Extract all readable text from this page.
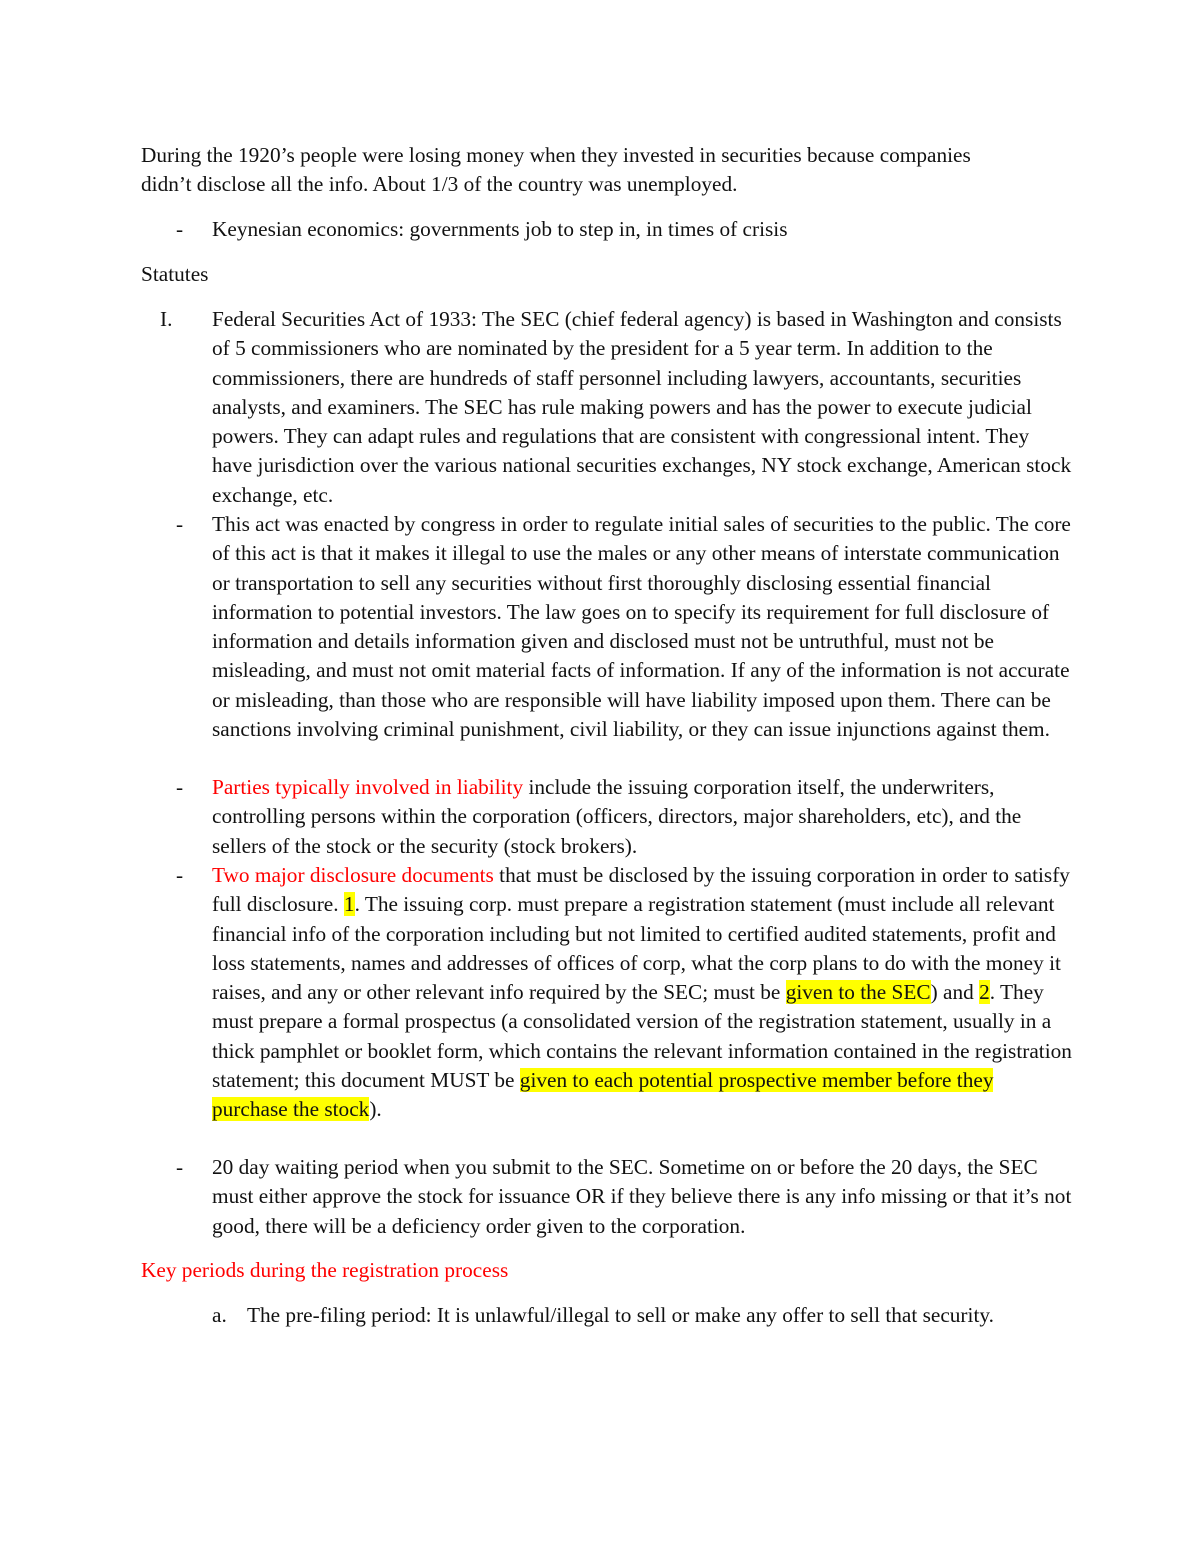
During the 1920’s people were losing money when they invested in securities because companies
didn’t disclose all the info. About 1/3 of the country was unemployed.

- Keynesian economics: governments job to step in, in times of crisis

Statutes

I. Federal Securities Act of 1933: The SEC (chief federal agency) is based in Washington and consists of 5 commissioners who are nominated by the president for a 5 year term. In addition to the commissioners, there are hundreds of staff personnel including lawyers, accountants, securities analysts, and examiners. The SEC has rule making powers and has the power to execute judicial powers. They can adapt rules and regulations that are consistent with congressional intent. They have jurisdiction over the various national securities exchanges, NY stock exchange, American stock exchange, etc.
- This act was enacted by congress in order to regulate initial sales of securities to the public. The core of this act is that it makes it illegal to use the males or any other means of interstate communication or transportation to sell any securities without first thoroughly disclosing essential financial information to potential investors. The law goes on to specify its requirement for full disclosure of information and details information given and disclosed must not be untruthful, must not be misleading, and must not omit material facts of information. If any of the information is not accurate or misleading, than those who are responsible will have liability imposed upon them. There can be sanctions involving criminal punishment, civil liability, or they can issue injunctions against them.
- Parties typically involved in liability include the issuing corporation itself, the underwriters, controlling persons within the corporation (officers, directors, major shareholders, etc), and the sellers of the stock or the security (stock brokers).
- Two major disclosure documents that must be disclosed by the issuing corporation in order to satisfy full disclosure. 1. The issuing corp. must prepare a registration statement (must include all relevant financial info of the corporation including but not limited to certified audited statements, profit and loss statements, names and addresses of offices of corp, what the corp plans to do with the money it raises, and any or other relevant info required by the SEC; must be given to the SEC) and 2. They must prepare a formal prospectus (a consolidated version of the registration statement, usually in a thick pamphlet or booklet form, which contains the relevant information contained in the registration statement; this document MUST be given to each potential prospective member before they purchase the stock).
- 20 day waiting period when you submit to the SEC. Sometime on or before the 20 days, the SEC must either approve the stock for issuance OR if they believe there is any info missing or that it’s not good, there will be a deficiency order given to the corporation.

Key periods during the registration process

a. The pre-filing period: It is unlawful/illegal to sell or make any offer to sell that security.
